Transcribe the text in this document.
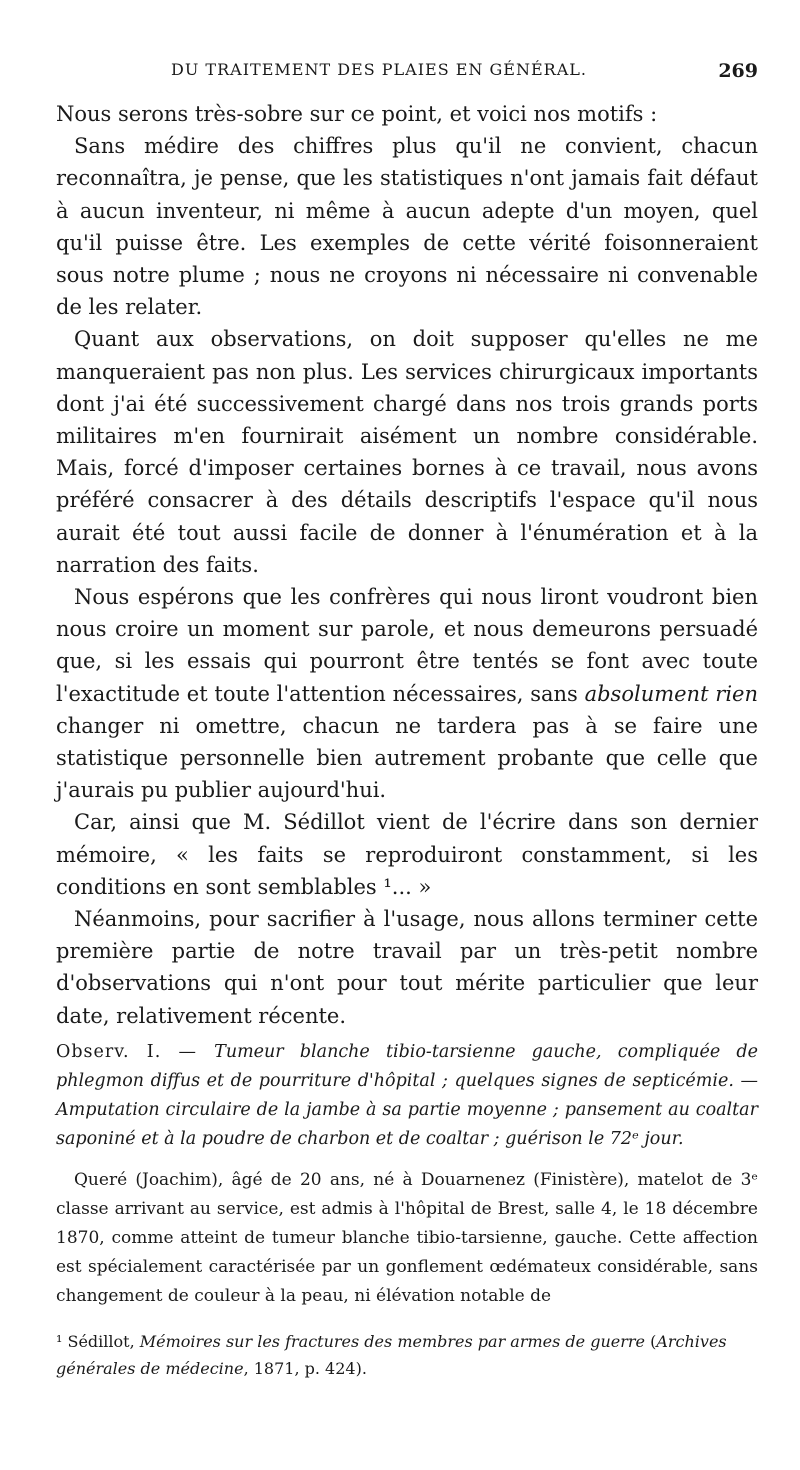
DU TRAITEMENT DES PLAIES EN GÉNÉRAL.	269

Nous serons très-sobre sur ce point, et voici nos motifs :

Sans médire des chiffres plus qu'il ne convient, chacun reconnaîtra, je pense, que les statistiques n'ont jamais fait défaut à aucun inventeur, ni même à aucun adepte d'un moyen, quel qu'il puisse être. Les exemples de cette vérité foisonneraient sous notre plume ; nous ne croyons ni nécessaire ni convenable de les relater.

Quant aux observations, on doit supposer qu'elles ne me manqueraient pas non plus. Les services chirurgicaux importants dont j'ai été successivement chargé dans nos trois grands ports militaires m'en fournirait aisément un nombre considérable. Mais, forcé d'imposer certaines bornes à ce travail, nous avons préféré consacrer à des détails descriptifs l'espace qu'il nous aurait été tout aussi facile de donner à l'énumération et à la narration des faits.

Nous espérons que les confrères qui nous liront voudront bien nous croire un moment sur parole, et nous demeurons persuadé que, si les essais qui pourront être tentés se font avec toute l'exactitude et toute l'attention nécessaires, sans absolument rien changer ni omettre, chacun ne tardera pas à se faire une statistique personnelle bien autrement probante que celle que j'aurais pu publier aujourd'hui.

Car, ainsi que M. Sédillot vient de l'écrire dans son dernier mémoire, « les faits se reproduiront constamment, si les conditions en sont semblables ¹... »

Néanmoins, pour sacrifier à l'usage, nous allons terminer cette première partie de notre travail par un très-petit nombre d'observations qui n'ont pour tout mérite particulier que leur date, relativement récente.

Observ. I. — Tumeur blanche tibio-tarsienne gauche, compliquée de phlegmon diffus et de pourriture d'hôpital ; quelques signes de septicémie. — Amputation circulaire de la jambe à sa partie moyenne ; pansement au coaltar saponiné et à la poudre de charbon et de coaltar ; guérison le 72ᵉ jour.

Queré (Joachim), âgé de 20 ans, né à Douarnenez (Finistère), matelot de 3ᵉ classe arrivant au service, est admis à l'hôpital de Brest, salle 4, le 18 décembre 1870, comme atteint de tumeur blanche tibio-tarsienne, gauche. Cette affection est spécialement caractérisée par un gonflement œdémateux considérable, sans changement de couleur à la peau, ni élévation notable de

¹ Sédillot, Mémoires sur les fractures des membres par armes de guerre (Archives générales de médecine, 1871, p. 424).
